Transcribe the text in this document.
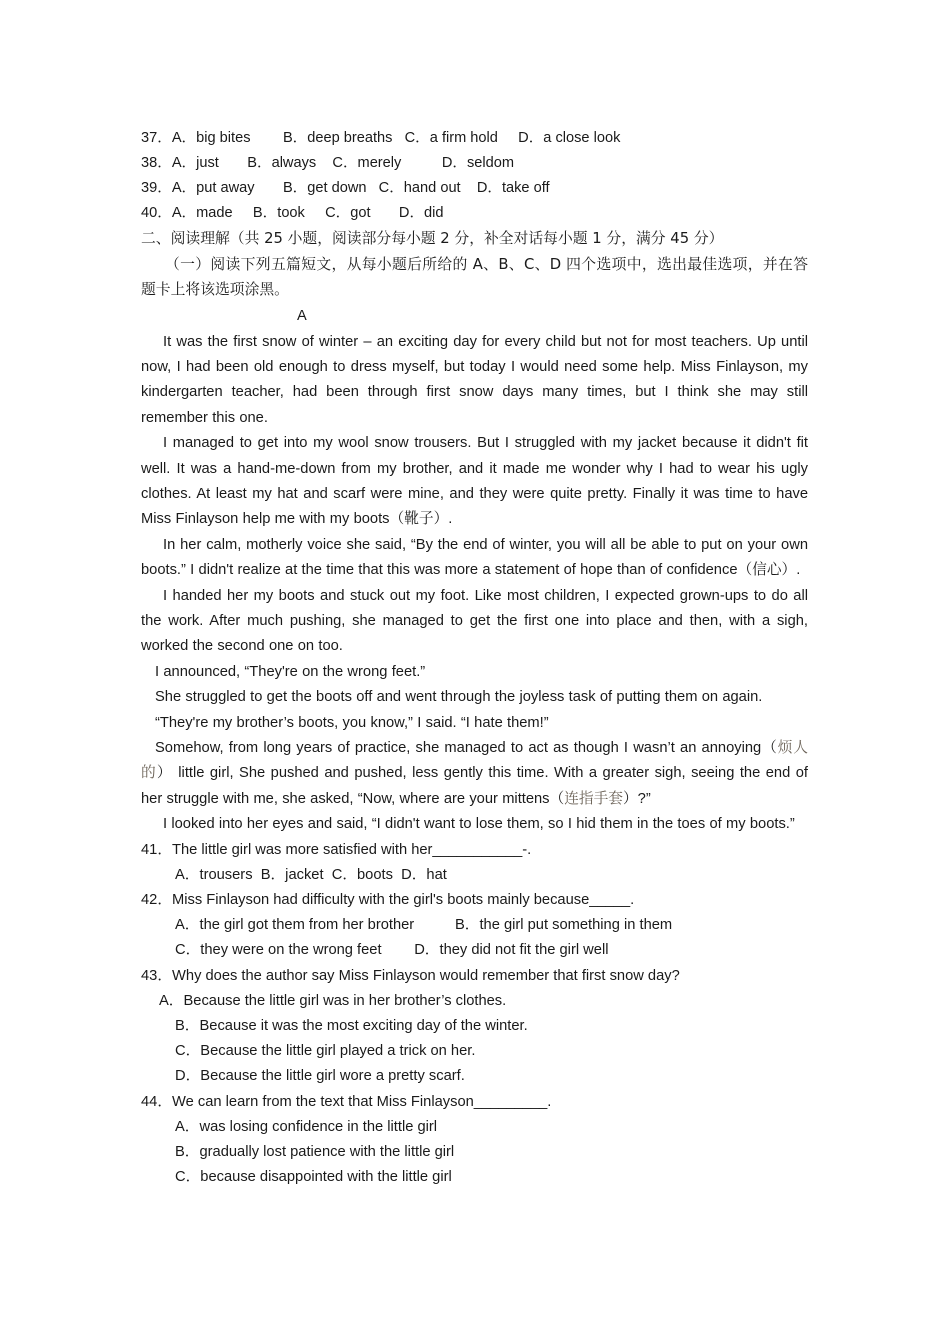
37．A．big bites        B．deep breaths   C．a firm hold     D．a close look
38．A．just       B．always    C．merely          D．seldom
39．A．put away       B．get down   C．hand out    D．take off
40．A．made     B．took     C．got       D．did
二、阅读理解（共 25 小题，阅读部分每小题 2 分，补全对话每小题 1 分，满分 45 分）
（一）阅读下列五篇短文，从每小题后所给的 A、B、C、D 四个选项中，选出最佳选项，并在答题卡上将该选项涂黑。
A
It was the first snow of winter – an exciting day for every child but not for most teachers. Up until now, I had been old enough to dress myself, but today I would need some help. Miss Finlayson, my kindergarten teacher, had been through first snow days many times, but I think she may still remember this one.
I managed to get into my wool snow trousers. But I struggled with my jacket because it didn't fit well. It was a hand-me-down from my brother, and it made me wonder why I had to wear his ugly clothes. At least my hat and scarf were mine, and they were quite pretty. Finally it was time to have Miss Finlayson help me with my boots（靴子）.
In her calm, motherly voice she said, “By the end of winter, you will all be able to put on your own boots.” I didn't realize at the time that this was more a statement of hope than of confidence（信心）.
I handed her my boots and stuck out my foot. Like most children, I expected grown-ups to do all the work. After much pushing, she managed to get the first one into place and then, with a sigh, worked the second one on too.
I announced, “They're on the wrong feet.”
She struggled to get the boots off and went through the joyless task of putting them on again.
“They're my brother’s boots, you know,” I said. “I hate them!”
Somehow, from long years of practice, she managed to act as though I wasn’t an annoying（烦人的） little girl, She pushed and pushed, less gently this time. With a greater sigh, seeing the end of her struggle with me, she asked, “Now, where are your mittens（连指手套）?”
I looked into her eyes and said, “I didn't want to lose them, so I hid them in the toes of my boots.”
41．The little girl was more satisfied with her___________-.
A．trousers  B．jacket  C．boots  D．hat
42．Miss Finlayson had difficulty with the girl's boots mainly because_____.
A．the girl got them from her brother          B．the girl put something in them
C．they were on the wrong feet        D．they did not fit the girl well
43．Why does the author say Miss Finlayson would remember that first snow day?
A．Because the little girl was in her brother’s clothes.
B．Because it was the most exciting day of the winter.
C．Because the little girl played a trick on her.
D．Because the little girl wore a pretty scarf.
44．We can learn from the text that Miss Finlayson_________.
A．was losing confidence in the little girl
B．gradually lost patience with the little girl
C．because disappointed with the little girl
